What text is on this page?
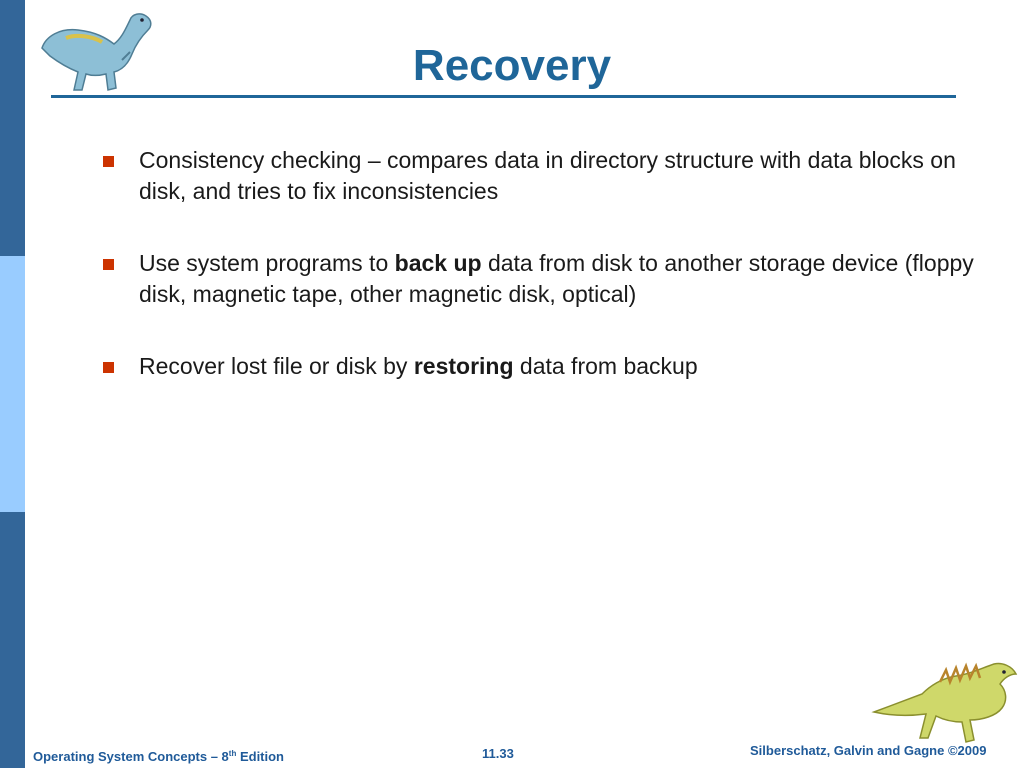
Recovery
Consistency checking – compares data in directory structure with data blocks on disk, and tries to fix inconsistencies
Use system programs to back up data from disk to another storage device (floppy disk, magnetic tape, other magnetic disk, optical)
Recover lost file or disk by restoring data from backup
Operating System Concepts – 8th Edition	11.33	Silberschatz, Galvin and Gagne ©2009
